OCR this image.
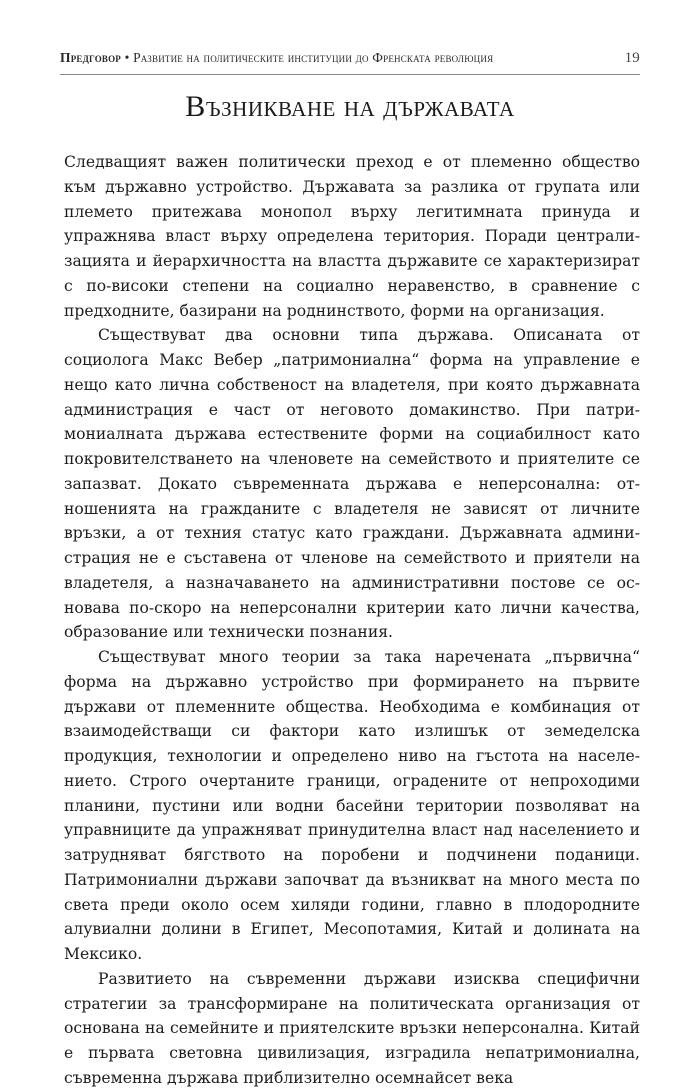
Предговор • Развитие на политическите институции до Френската революция	19
Възникване на държавата

Следващият важен политически преход е от племенно общество към държавно устройство. Държавата за разлика от групата или племето притежава монопол върху легитимната принуда и упражнява власт върху определена територия. Поради централизацията и йерархичността на властта държавите се характеризират с по-високи степени на социално неравенство, в сравнение с предходните, базирани на роднинството, форми на организация.

Съществуват два основни типа държава. Описаната от социолога Макс Вебер „патримониална“ форма на управление е нещо като лична собственост на владетеля, при която държавната администрация е част от неговото домакинство. При патримониалната държава естествените форми на социабилност като покровителстването на членовете на семейството и приятелите се запазват. Докато съвременната държава е неперсонална: отношенията на гражданите с владетеля не зависят от личните връзки, а от техния статус като граждани. Държавната администрация не е съставена от членове на семейството и приятели на владетеля, а назначаването на административни постове се основава по-скоро на неперсонални критерии като лични качества, образование или технически познания.

Съществуват много теории за така наречената „първична“ форма на държавно устройство при формирането на първите държави от племенните общества. Необходима е комбинация от взаимодействащи си фактори като излишък от земеделска продукция, технологии и определено ниво на гъстота на населението. Строго очертаните граници, оградените от непроходими планини, пустини или водни басейни територии позволяват на управниците да упражняват принудителна власт над населението и затрудняват бягството на поробени и подчинени поданици. Патримониални държави започват да възникват на много места по света преди около осем хиляди години, главно в плодородните алувиални долини в Египет, Месопотамия, Китай и долината на Мексико.

Развитието на съвременни държави изисква специфични стратегии за трансформиране на политическата организация от основана на семейните и приятелските връзки неперсонална. Китай е първата световна цивилизация, изградила непатримониална, съвременна държава приблизително осемнайсет века
